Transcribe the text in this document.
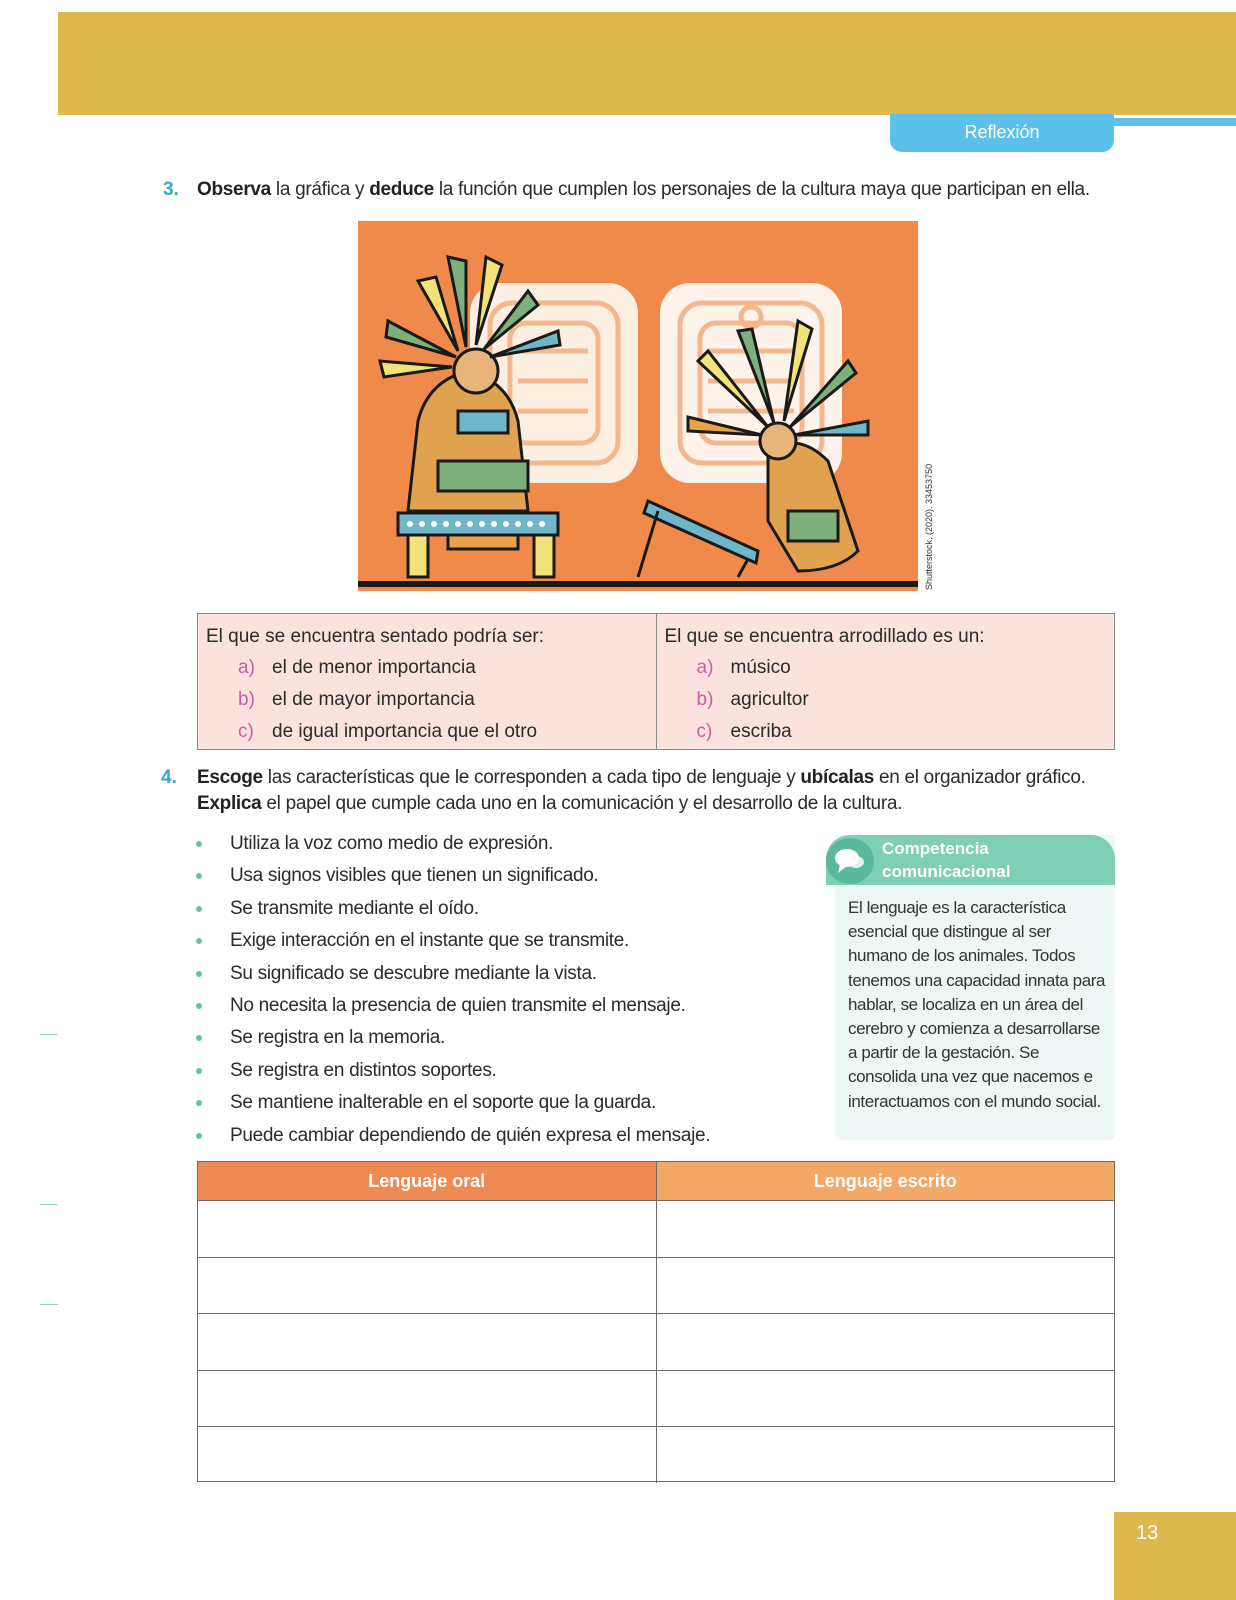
Reflexión
3. Observa la gráfica y deduce la función que cumplen los personajes de la cultura maya que participan en ella.
Shutterstock, (2020). 33453750
El que se encuentra sentado podría ser:
a) el de menor importancia
b) el de mayor importancia
c) de igual importancia que el otro
El que se encuentra arrodillado es un:
a) músico
b) agricultor
c) escriba
4. Escoge las características que le corresponden a cada tipo de lenguaje y ubícalas en el organizador gráfico.
Explica el papel que cumple cada uno en la comunicación y el desarrollo de la cultura.
Utiliza la voz como medio de expresión.
Usa signos visibles que tienen un significado.
Se transmite mediante el oído.
Exige interacción en el instante que se transmite.
Su significado se descubre mediante la vista.
No necesita la presencia de quien transmite el mensaje.
Se registra en la memoria.
Se registra en distintos soportes.
Se mantiene inalterable en el soporte que la guarda.
Puede cambiar dependiendo de quién expresa el mensaje.
Competencia
comunicacional
El lenguaje es la característica esencial que distingue al ser humano de los animales. Todos tenemos una capacidad innata para hablar, se localiza en un área del cerebro y comienza a desarrollarse a partir de la gestación. Se consolida una vez que nacemos e interactuamos con el mundo social.
Lenguaje oral	Lenguaje escrito
13
